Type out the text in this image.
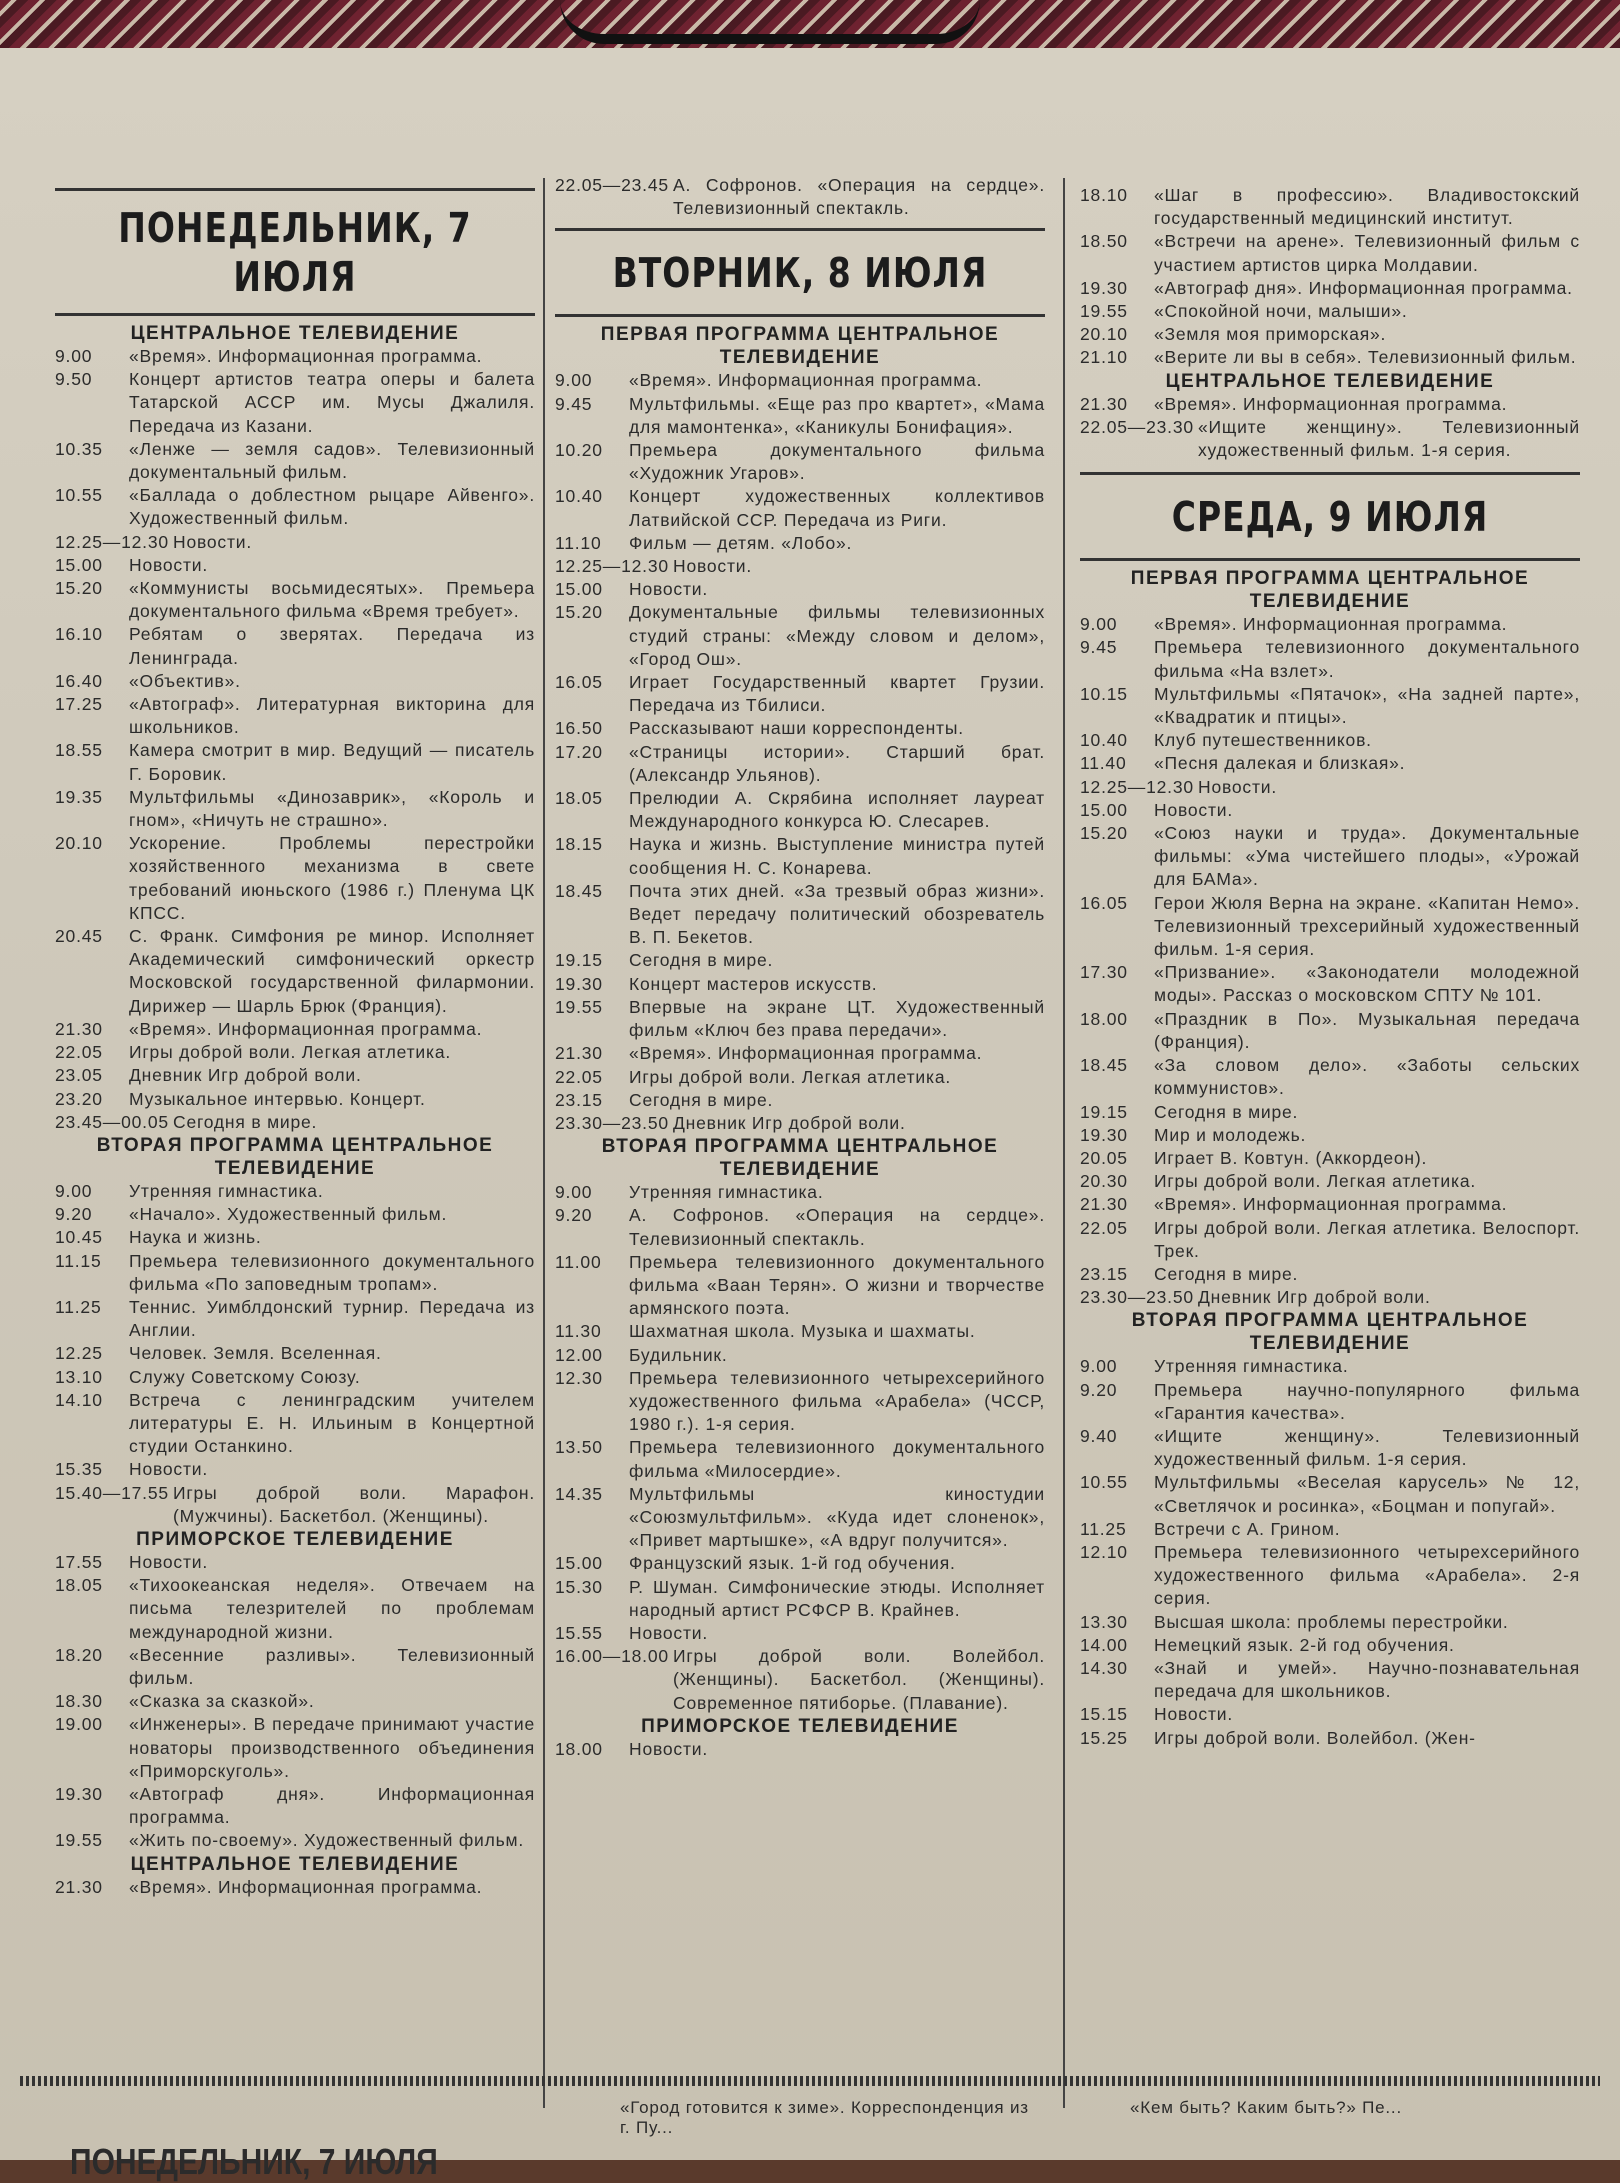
ПОНЕДЕЛЬНИК, 7 ИЮЛЯ
ЦЕНТРАЛЬНОЕ ТЕЛЕВИДЕНИЕ
9.00	«Время». Информационная программа.
9.50	Концерт артистов театра оперы и балета Татарской АССР им. Мусы Джалиля. Передача из Казани.
10.35	«Ленже — земля садов». Телевизионный документальный фильм.
10.55	«Баллада о доблестном рыцаре Айвенго». Художественный фильм.
12.25—12.30 Новости.
15.00	Новости.
15.20	«Коммунисты восьмидесятых». Премьера документального фильма «Время требует».
16.10	Ребятам о зверятах. Передача из Ленинграда.
16.40	«Объектив».
17.25	«Автограф». Литературная викторина для школьников.
18.55	Камера смотрит в мир. Ведущий — писатель Г. Боровик.
19.35	Мультфильмы «Динозаврик», «Король и гном», «Ничуть не страшно».
20.10	Ускорение. Проблемы перестройки хозяйственного механизма в свете требований июньского (1986 г.) Пленума ЦК КПСС.
20.45	С. Франк. Симфония ре минор. Исполняет Академический симфонический оркестр Московской государственной филармонии. Дирижер — Шарль Брюк (Франция).
21.30	«Время». Информационная программа.
22.05	Игры доброй воли. Легкая атлетика.
23.05	Дневник Игр доброй воли.
23.20	Музыкальное интервью. Концерт.
23.45—00.05 Сегодня в мире.
ВТОРАЯ ПРОГРАММА ЦЕНТРАЛЬНОЕ ТЕЛЕВИДЕНИЕ
9.00	Утренняя гимнастика.
9.20	«Начало». Художественный фильм.
10.45	Наука и жизнь.
11.15	Премьера телевизионного документального фильма «По заповедным тропам».
11.25	Теннис. Уимблдонский турнир. Передача из Англии.
12.25	Человек. Земля. Вселенная.
13.10	Служу Советскому Союзу.
14.10	Встреча с ленинградским учителем литературы Е. Н. Ильиным в Концертной студии Останкино.
15.35	Новости.
15.40—17.55 Игры доброй воли. Марафон. (Мужчины). Баскетбол. (Женщины).
ПРИМОРСКОЕ ТЕЛЕВИДЕНИЕ
17.55	Новости.
18.05	«Тихоокеанская неделя». Отвечаем на письма телезрителей по проблемам международной жизни.
18.20	«Весенние разливы». Телевизионный фильм.
18.30	«Сказка за сказкой».
19.00	«Инженеры». В передаче принимают участие новаторы производственного объединения «Приморскуголь».
19.30	«Автограф дня». Информационная программа.
19.55	«Жить по-своему». Художественный фильм.
ЦЕНТРАЛЬНОЕ ТЕЛЕВИДЕНИЕ
21.30	«Время». Информационная программа.
22.05—23.45 А. Софронов. «Операция на сердце». Телевизионный спектакль.
ВТОРНИК, 8 ИЮЛЯ
ПЕРВАЯ ПРОГРАММА ЦЕНТРАЛЬНОЕ ТЕЛЕВИДЕНИЕ
9.00	«Время». Информационная программа.
9.45	Мультфильмы. «Еще раз про квартет», «Мама для мамонтенка», «Каникулы Бонифация».
10.20	Премьера документального фильма «Художник Угаров».
10.40	Концерт художественных коллективов Латвийской ССР. Передача из Риги.
11.10	Фильм — детям. «Лобо».
12.25—12.30 Новости.
15.00	Новости.
15.20	Документальные фильмы телевизионных студий страны: «Между словом и делом», «Город Ош».
16.05	Играет Государственный квартет Грузии. Передача из Тбилиси.
16.50	Рассказывают наши корреспонденты.
17.20	«Страницы истории». Старший брат. (Александр Ульянов).
18.05	Прелюдии А. Скрябина исполняет лауреат Международного конкурса Ю. Слесарев.
18.15	Наука и жизнь. Выступление министра путей сообщения Н. С. Конарева.
18.45	Почта этих дней. «За трезвый образ жизни». Ведет передачу политический обозреватель В. П. Бекетов.
19.15	Сегодня в мире.
19.30	Концерт мастеров искусств.
19.55	Впервые на экране ЦТ. Художественный фильм «Ключ без права передачи».
21.30	«Время». Информационная программа.
22.05	Игры доброй воли. Легкая атлетика.
23.15	Сегодня в мире.
23.30—23.50 Дневник Игр доброй воли.
ВТОРАЯ ПРОГРАММА ЦЕНТРАЛЬНОЕ ТЕЛЕВИДЕНИЕ
9.00	Утренняя гимнастика.
9.20	А. Софронов. «Операция на сердце». Телевизионный спектакль.
11.00	Премьера телевизионного документального фильма «Ваан Терян». О жизни и творчестве армянского поэта.
11.30	Шахматная школа. Музыка и шахматы.
12.00	Будильник.
12.30	Премьера телевизионного четырехсерийного художественного фильма «Арабела» (ЧССР, 1980 г.). 1-я серия.
13.50	Премьера телевизионного документального фильма «Милосердие».
14.35	Мультфильмы киностудии «Союзмультфильм». «Куда идет слоненок», «Привет мартышке», «А вдруг получится».
15.00	Французский язык. 1-й год обучения.
15.30	Р. Шуман. Симфонические этюды. Исполняет народный артист РСФСР В. Крайнев.
15.55	Новости.
16.00—18.00 Игры доброй воли. Волейбол. (Женщины). Баскетбол. (Женщины). Современное пятиборье. (Плавание).
ПРИМОРСКОЕ ТЕЛЕВИДЕНИЕ
18.00	Новости.
18.10	«Шаг в профессию». Владивостокский государственный медицинский институт.
18.50	«Встречи на арене». Телевизионный фильм с участием артистов цирка Молдавии.
19.30	«Автограф дня». Информационная программа.
19.55	«Спокойной ночи, малыши».
20.10	«Земля моя приморская».
21.10	«Верите ли вы в себя». Телевизионный фильм.
ЦЕНТРАЛЬНОЕ ТЕЛЕВИДЕНИЕ
21.30	«Время». Информационная программа.
22.05—23.30 «Ищите женщину». Телевизионный художественный фильм. 1-я серия.
СРЕДА, 9 ИЮЛЯ
ПЕРВАЯ ПРОГРАММА ЦЕНТРАЛЬНОЕ ТЕЛЕВИДЕНИЕ
9.00	«Время». Информационная программа.
9.45	Премьера телевизионного документального фильма «На взлет».
10.15	Мультфильмы «Пятачок», «На задней парте», «Квадратик и птицы».
10.40	Клуб путешественников.
11.40	«Песня далекая и близкая».
12.25—12.30 Новости.
15.00	Новости.
15.20	«Союз науки и труда». Документальные фильмы: «Ума чистейшего плоды», «Урожай для БАМа».
16.05	Герои Жюля Верна на экране. «Капитан Немо». Телевизионный трехсерийный художественный фильм. 1-я серия.
17.30	«Призвание». «Законодатели молодежной моды». Рассказ о московском СПТУ № 101.
18.00	«Праздник в По». Музыкальная передача (Франция).
18.45	«За словом дело». «Заботы сельских коммунистов».
19.15	Сегодня в мире.
19.30	Мир и молодежь.
20.05	Играет В. Ковтун. (Аккордеон).
20.30	Игры доброй воли. Легкая атлетика.
21.30	«Время». Информационная программа.
22.05	Игры доброй воли. Легкая атлетика. Велоспорт. Трек.
23.15	Сегодня в мире.
23.30—23.50 Дневник Игр доброй воли.
ВТОРАЯ ПРОГРАММА ЦЕНТРАЛЬНОЕ ТЕЛЕВИДЕНИЕ
9.00	Утренняя гимнастика.
9.20	Премьера научно-популярного фильма «Гарантия качества».
9.40	«Ищите женщину». Телевизионный художественный фильм. 1-я серия.
10.55	Мультфильмы «Веселая карусель» № 12, «Светлячок и росинка», «Боцман и попугай».
11.25	Встречи с А. Грином.
12.10	Премьера телевизионного четырехсерийного художественного фильма «Арабела». 2-я серия.
13.30	Высшая школа: проблемы перестройки.
14.00	Немецкий язык. 2-й год обучения.
14.30	«Знай и умей». Научно-познавательная передача для школьников.
15.15	Новости.
15.25	Игры доброй воли. Волейбол. (Жен-
«Город готовится к зиме». Корреспонденция из г. Пу...
«Кем быть? Каким быть?» Пе...
ПОНЕДЕЛЬНИК, 7 ИЮЛЯ
